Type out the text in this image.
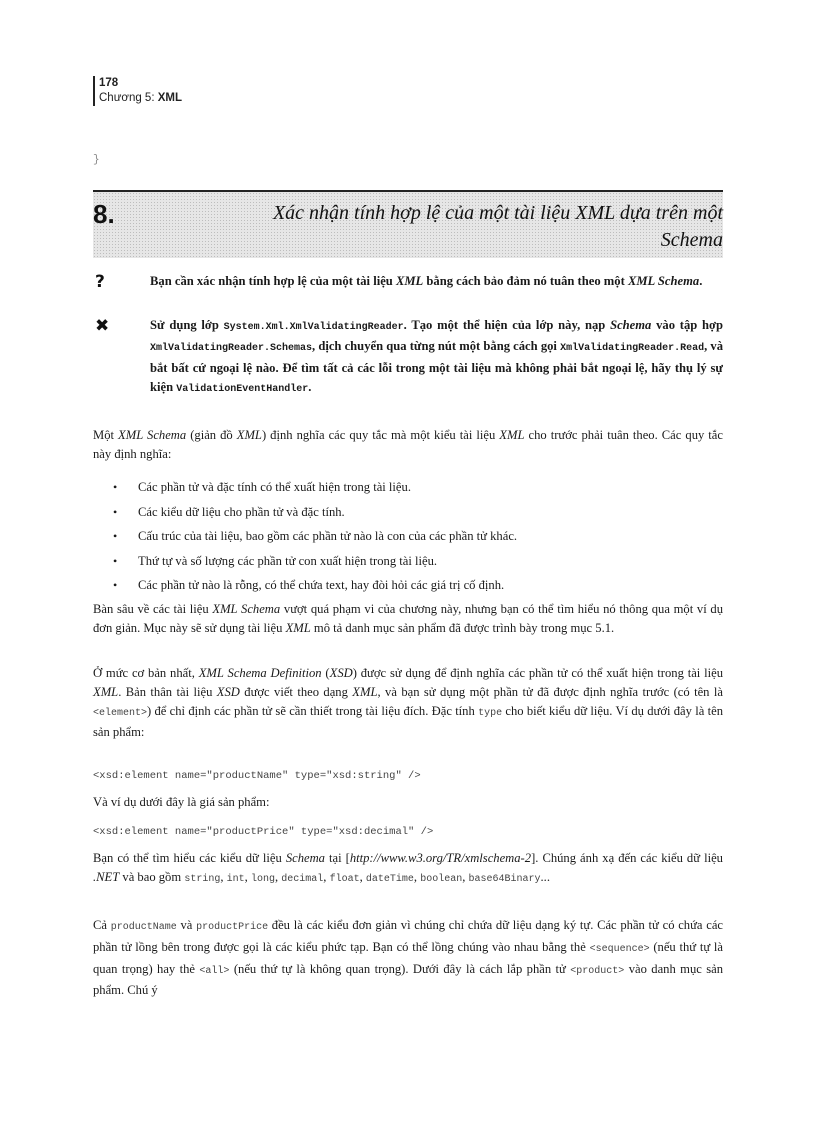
178
Chương 5: XML
}
8.	Xác nhận tính hợp lệ của một tài liệu XML dựa trên một
Schema
?	Bạn cần xác nhận tính hợp lệ của một tài liệu XML bằng cách bảo đảm nó tuân theo một XML Schema.
✖	Sử dụng lớp System.Xml.XmlValidatingReader. Tạo một thể hiện của lớp này, nạp Schema vào tập hợp XmlValidatingReader.Schemas, dịch chuyển qua từng nút một bằng cách gọi XmlValidatingReader.Read, và bắt bất cứ ngoại lệ nào. Để tìm tất cả các lỗi trong một tài liệu mà không phải bắt ngoại lệ, hãy thụ lý sự kiện ValidationEventHandler.
Một XML Schema (giản đồ XML) định nghĩa các quy tắc mà một kiểu tài liệu XML cho trước phải tuân theo. Các quy tắc này định nghĩa:
• Các phần tử và đặc tính có thể xuất hiện trong tài liệu.
• Các kiểu dữ liệu cho phần tử và đặc tính.
• Cấu trúc của tài liệu, bao gồm các phần tử nào là con của các phần tử khác.
• Thứ tự và số lượng các phần tử con xuất hiện trong tài liệu.
• Các phần tử nào là rỗng, có thể chứa text, hay đòi hỏi các giá trị cố định.
Bàn sâu về các tài liệu XML Schema vượt quá phạm vi của chương này, nhưng bạn có thể tìm hiểu nó thông qua một ví dụ đơn giản. Mục này sẽ sử dụng tài liệu XML mô tả danh mục sản phẩm đã được trình bày trong mục 5.1.
Ở mức cơ bản nhất, XML Schema Definition (XSD) được sử dụng để định nghĩa các phần tử có thể xuất hiện trong tài liệu XML. Bản thân tài liệu XSD được viết theo dạng XML, và bạn sử dụng một phần tử đã được định nghĩa trước (có tên là <element>) để chỉ định các phần tử sẽ cần thiết trong tài liệu đích. Đặc tính type cho biết kiểu dữ liệu. Ví dụ dưới đây là tên sản phẩm:
<xsd:element name="productName" type="xsd:string" />
Và ví dụ dưới đây là giá sản phẩm:
<xsd:element name="productPrice" type="xsd:decimal" />
Bạn có thể tìm hiểu các kiểu dữ liệu Schema tại [http://www.w3.org/TR/xmlschema-2]. Chúng ánh xạ đến các kiểu dữ liệu .NET và bao gồm string, int, long, decimal, float, dateTime, boolean, base64Binary...
Cả productName và productPrice đều là các kiểu đơn giản vì chúng chỉ chứa dữ liệu dạng ký tự. Các phần tử có chứa các phần tử lồng bên trong được gọi là các kiểu phức tạp. Bạn có thể lồng chúng vào nhau bằng thẻ <sequence> (nếu thứ tự là quan trọng) hay thẻ <all> (nếu thứ tự là không quan trọng). Dưới đây là cách lắp phần tử <product> vào danh mục sản phẩm. Chú ý
